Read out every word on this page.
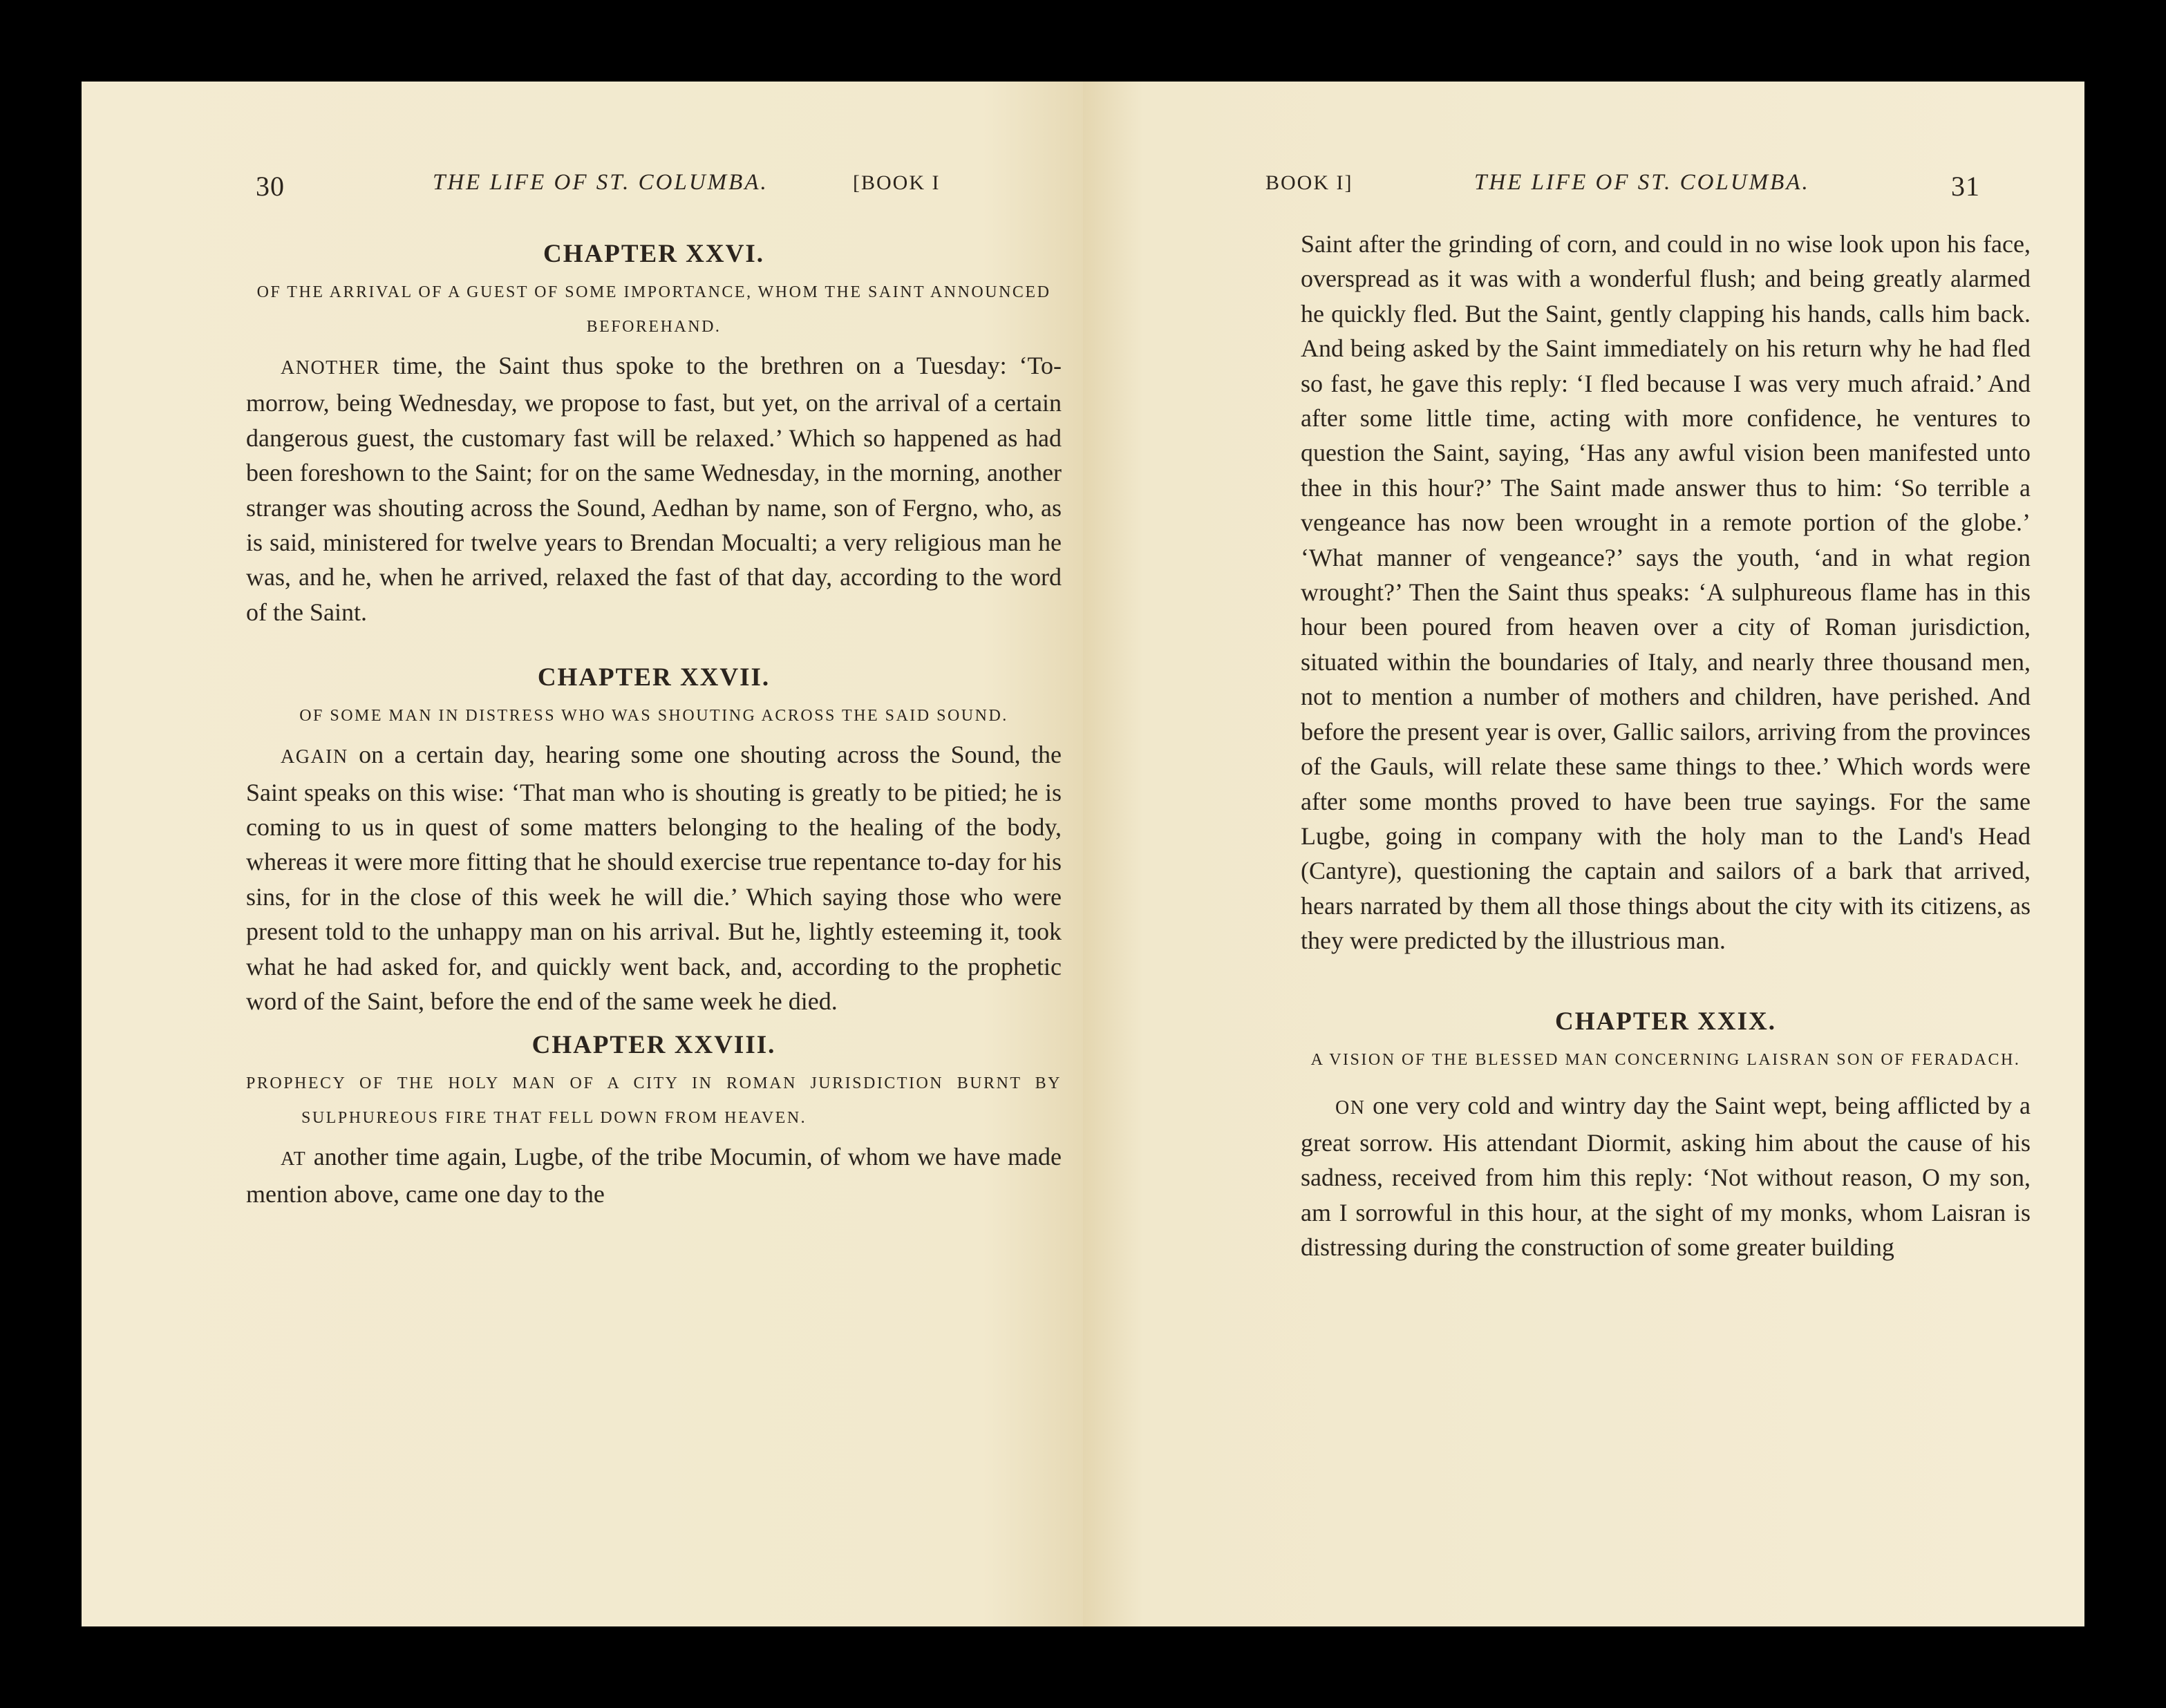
30	THE LIFE OF ST. COLUMBA.	[BOOK I
CHAPTER XXVI.

OF THE ARRIVAL OF A GUEST OF SOME IMPORTANCE, WHOM THE SAINT ANNOUNCED BEFOREHAND.

ANOTHER time, the Saint thus spoke to the brethren on a Tuesday: ‘To-morrow, being Wednesday, we propose to fast, but yet, on the arrival of a certain dangerous guest, the customary fast will be relaxed.’ Which so happened as had been foreshown to the Saint; for on the same Wednesday, in the morning, another stranger was shouting across the Sound, Aedhan by name, son of Fergno, who, as is said, ministered for twelve years to Brendan Mocualti; a very religious man he was, and he, when he arrived, relaxed the fast of that day, according to the word of the Saint.

CHAPTER XXVII.

OF SOME MAN IN DISTRESS WHO WAS SHOUTING ACROSS THE SAID SOUND.

AGAIN on a certain day, hearing some one shouting across the Sound, the Saint speaks on this wise: ‘That man who is shouting is greatly to be pitied; he is coming to us in quest of some matters belonging to the healing of the body, whereas it were more fitting that he should exercise true repentance to-day for his sins, for in the close of this week he will die.’ Which saying those who were present told to the unhappy man on his arrival. But he, lightly esteeming it, took what he had asked for, and quickly went back, and, according to the prophetic word of the Saint, before the end of the same week he died.

CHAPTER XXVIII.

PROPHECY OF THE HOLY MAN OF A CITY IN ROMAN JURISDICTION BURNT BY SULPHUREOUS FIRE THAT FELL DOWN FROM HEAVEN.

AT another time again, Lugbe, of the tribe Mocumin, of whom we have made mention above, came one day to the

BOOK I]	THE LIFE OF ST. COLUMBA.	31

Saint after the grinding of corn, and could in no wise look upon his face, overspread as it was with a wonderful flush; and being greatly alarmed he quickly fled. But the Saint, gently clapping his hands, calls him back. And being asked by the Saint immediately on his return why he had fled so fast, he gave this reply: ‘I fled because I was very much afraid.’ And after some little time, acting with more confidence, he ventures to question the Saint, saying, ‘Has any awful vision been manifested unto thee in this hour?’ The Saint made answer thus to him: ‘So terrible a vengeance has now been wrought in a remote portion of the globe.’ ‘What manner of vengeance?’ says the youth, ‘and in what region wrought?’ Then the Saint thus speaks: ‘A sulphureous flame has in this hour been poured from heaven over a city of Roman jurisdiction, situated within the boundaries of Italy, and nearly three thousand men, not to mention a number of mothers and children, have perished. And before the present year is over, Gallic sailors, arriving from the provinces of the Gauls, will relate these same things to thee.’ Which words were after some months proved to have been true sayings. For the same Lugbe, going in company with the holy man to the Land's Head (Cantyre), questioning the captain and sailors of a bark that arrived, hears narrated by them all those things about the city with its citizens, as they were predicted by the illustrious man.

CHAPTER XXIX.

A VISION OF THE BLESSED MAN CONCERNING LAISRAN SON OF FERADACH.

ON one very cold and wintry day the Saint wept, being afflicted by a great sorrow. His attendant Diormit, asking him about the cause of his sadness, received from him this reply: ‘Not without reason, O my son, am I sorrowful in this hour, at the sight of my monks, whom Laisran is distressing during the construction of some greater building
